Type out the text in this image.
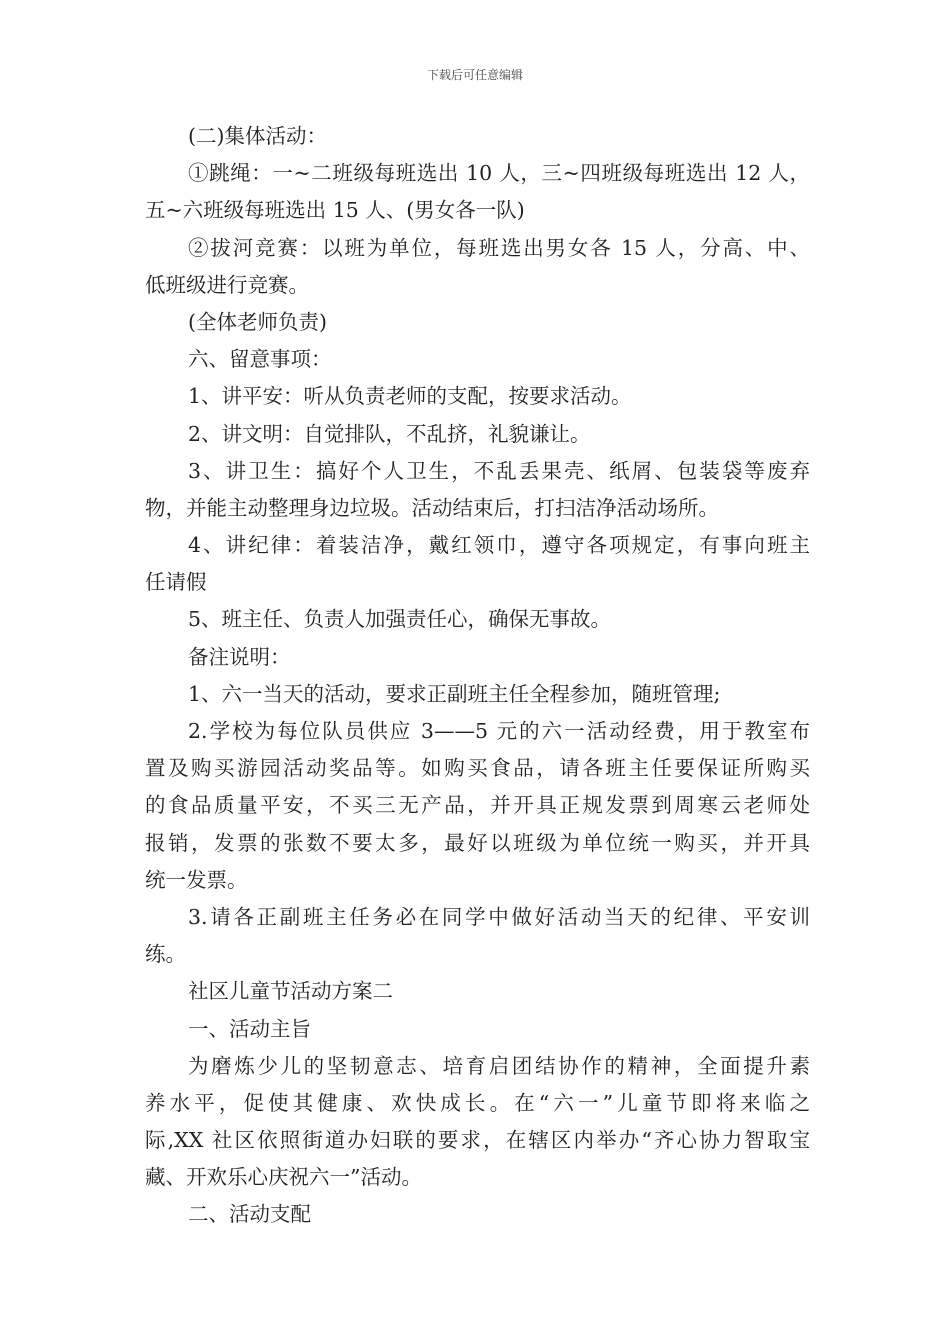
下载后可任意编辑
(二)集体活动：
①跳绳：一~二班级每班选出 10 人，三~四班级每班选出 12 人，
五~六班级每班选出 15 人、(男女各一队)
②拔河竞赛：以班为单位，每班选出男女各 15 人，分高、中、
低班级进行竞赛。
(全体老师负责)
六、留意事项：
1、讲平安：听从负责老师的支配，按要求活动。
2、讲文明：自觉排队，不乱挤，礼貌谦让。
3、讲卫生：搞好个人卫生，不乱丢果壳、纸屑、包装袋等废弃
物，并能主动整理身边垃圾。活动结束后，打扫洁净活动场所。
4、讲纪律：着装洁净，戴红领巾，遵守各项规定，有事向班主
任请假
5、班主任、负责人加强责任心，确保无事故。
备注说明：
1、六一当天的活动，要求正副班主任全程参加，随班管理;
2.学校为每位队员供应 3——5 元的六一活动经费，用于教室布
置及购买游园活动奖品等。如购买食品，请各班主任要保证所购买
的食品质量平安，不买三无产品，并开具正规发票到周寒云老师处
报销，发票的张数不要太多，最好以班级为单位统一购买，并开具
统一发票。
3.请各正副班主任务必在同学中做好活动当天的纪律、平安训
练。
社区儿童节活动方案二
一、活动主旨
为磨炼少儿的坚韧意志、培育启团结协作的精神，全面提升素
养水平，促使其健康、欢快成长。在“六一”儿童节即将来临之
际,XX 社区依照街道办妇联的要求，在辖区内举办“齐心协力智取宝
藏、开欢乐心庆祝六一”活动。
二、活动支配
